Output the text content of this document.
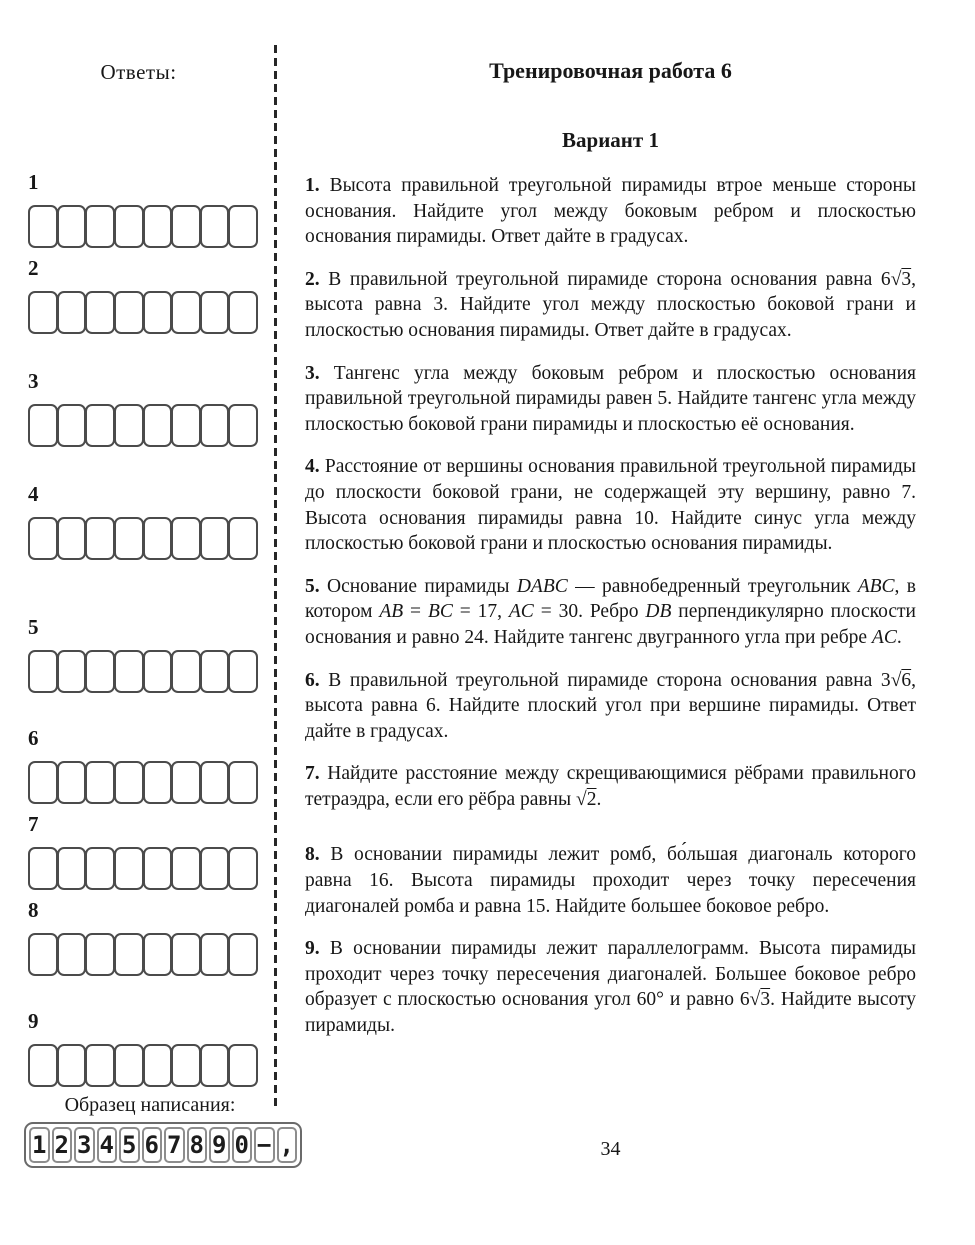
Ответы:
1
2
3
4
5
6
7
8
9
Образец написания:
1 2 3 4 5 6 7 8 9 0 − ,
Тренировочная работа 6
Вариант 1
1. Высота правильной треугольной пирамиды втрое меньше стороны основания. Найдите угол между боковым ребром и плоскостью основания пирамиды. Ответ дайте в градусах.
2. В правильной треугольной пирамиде сторона основания равна 6√3, высота равна 3. Найдите угол между плоскостью боковой грани и плоскостью основания пирамиды. Ответ дайте в градусах.
3. Тангенс угла между боковым ребром и плоскостью основания правильной треугольной пирамиды равен 5. Найдите тангенс угла между плоскостью боковой грани пирамиды и плоскостью её основания.
4. Расстояние от вершины основания правильной треугольной пирамиды до плоскости боковой грани, не содержащей эту вершину, равно 7. Высота основания пирамиды равна 10. Найдите синус угла между плоскостью боковой грани и плоскостью основания пирамиды.
5. Основание пирамиды DABC — равнобедренный треугольник ABC, в котором AB = BC = 17, AC = 30. Ребро DB перпендикулярно плоскости основания и равно 24. Найдите тангенс двугранного угла при ребре AC.
6. В правильной треугольной пирамиде сторона основания равна 3√6, высота равна 6. Найдите плоский угол при вершине пирамиды. Ответ дайте в градусах.
7. Найдите расстояние между скрещивающимися рёбрами правильного тетраэдра, если его рёбра равны √2.
8. В основании пирамиды лежит ромб, бо́льшая диагональ которого равна 16. Высота пирамиды проходит через точку пересечения диагоналей ромба и равна 15. Найдите большее боковое ребро.
9. В основании пирамиды лежит параллелограмм. Высота пирамиды проходит через точку пересечения диагоналей. Большее боковое ребро образует с плоскостью основания угол 60° и равно 6√3. Найдите высоту пирамиды.
34
